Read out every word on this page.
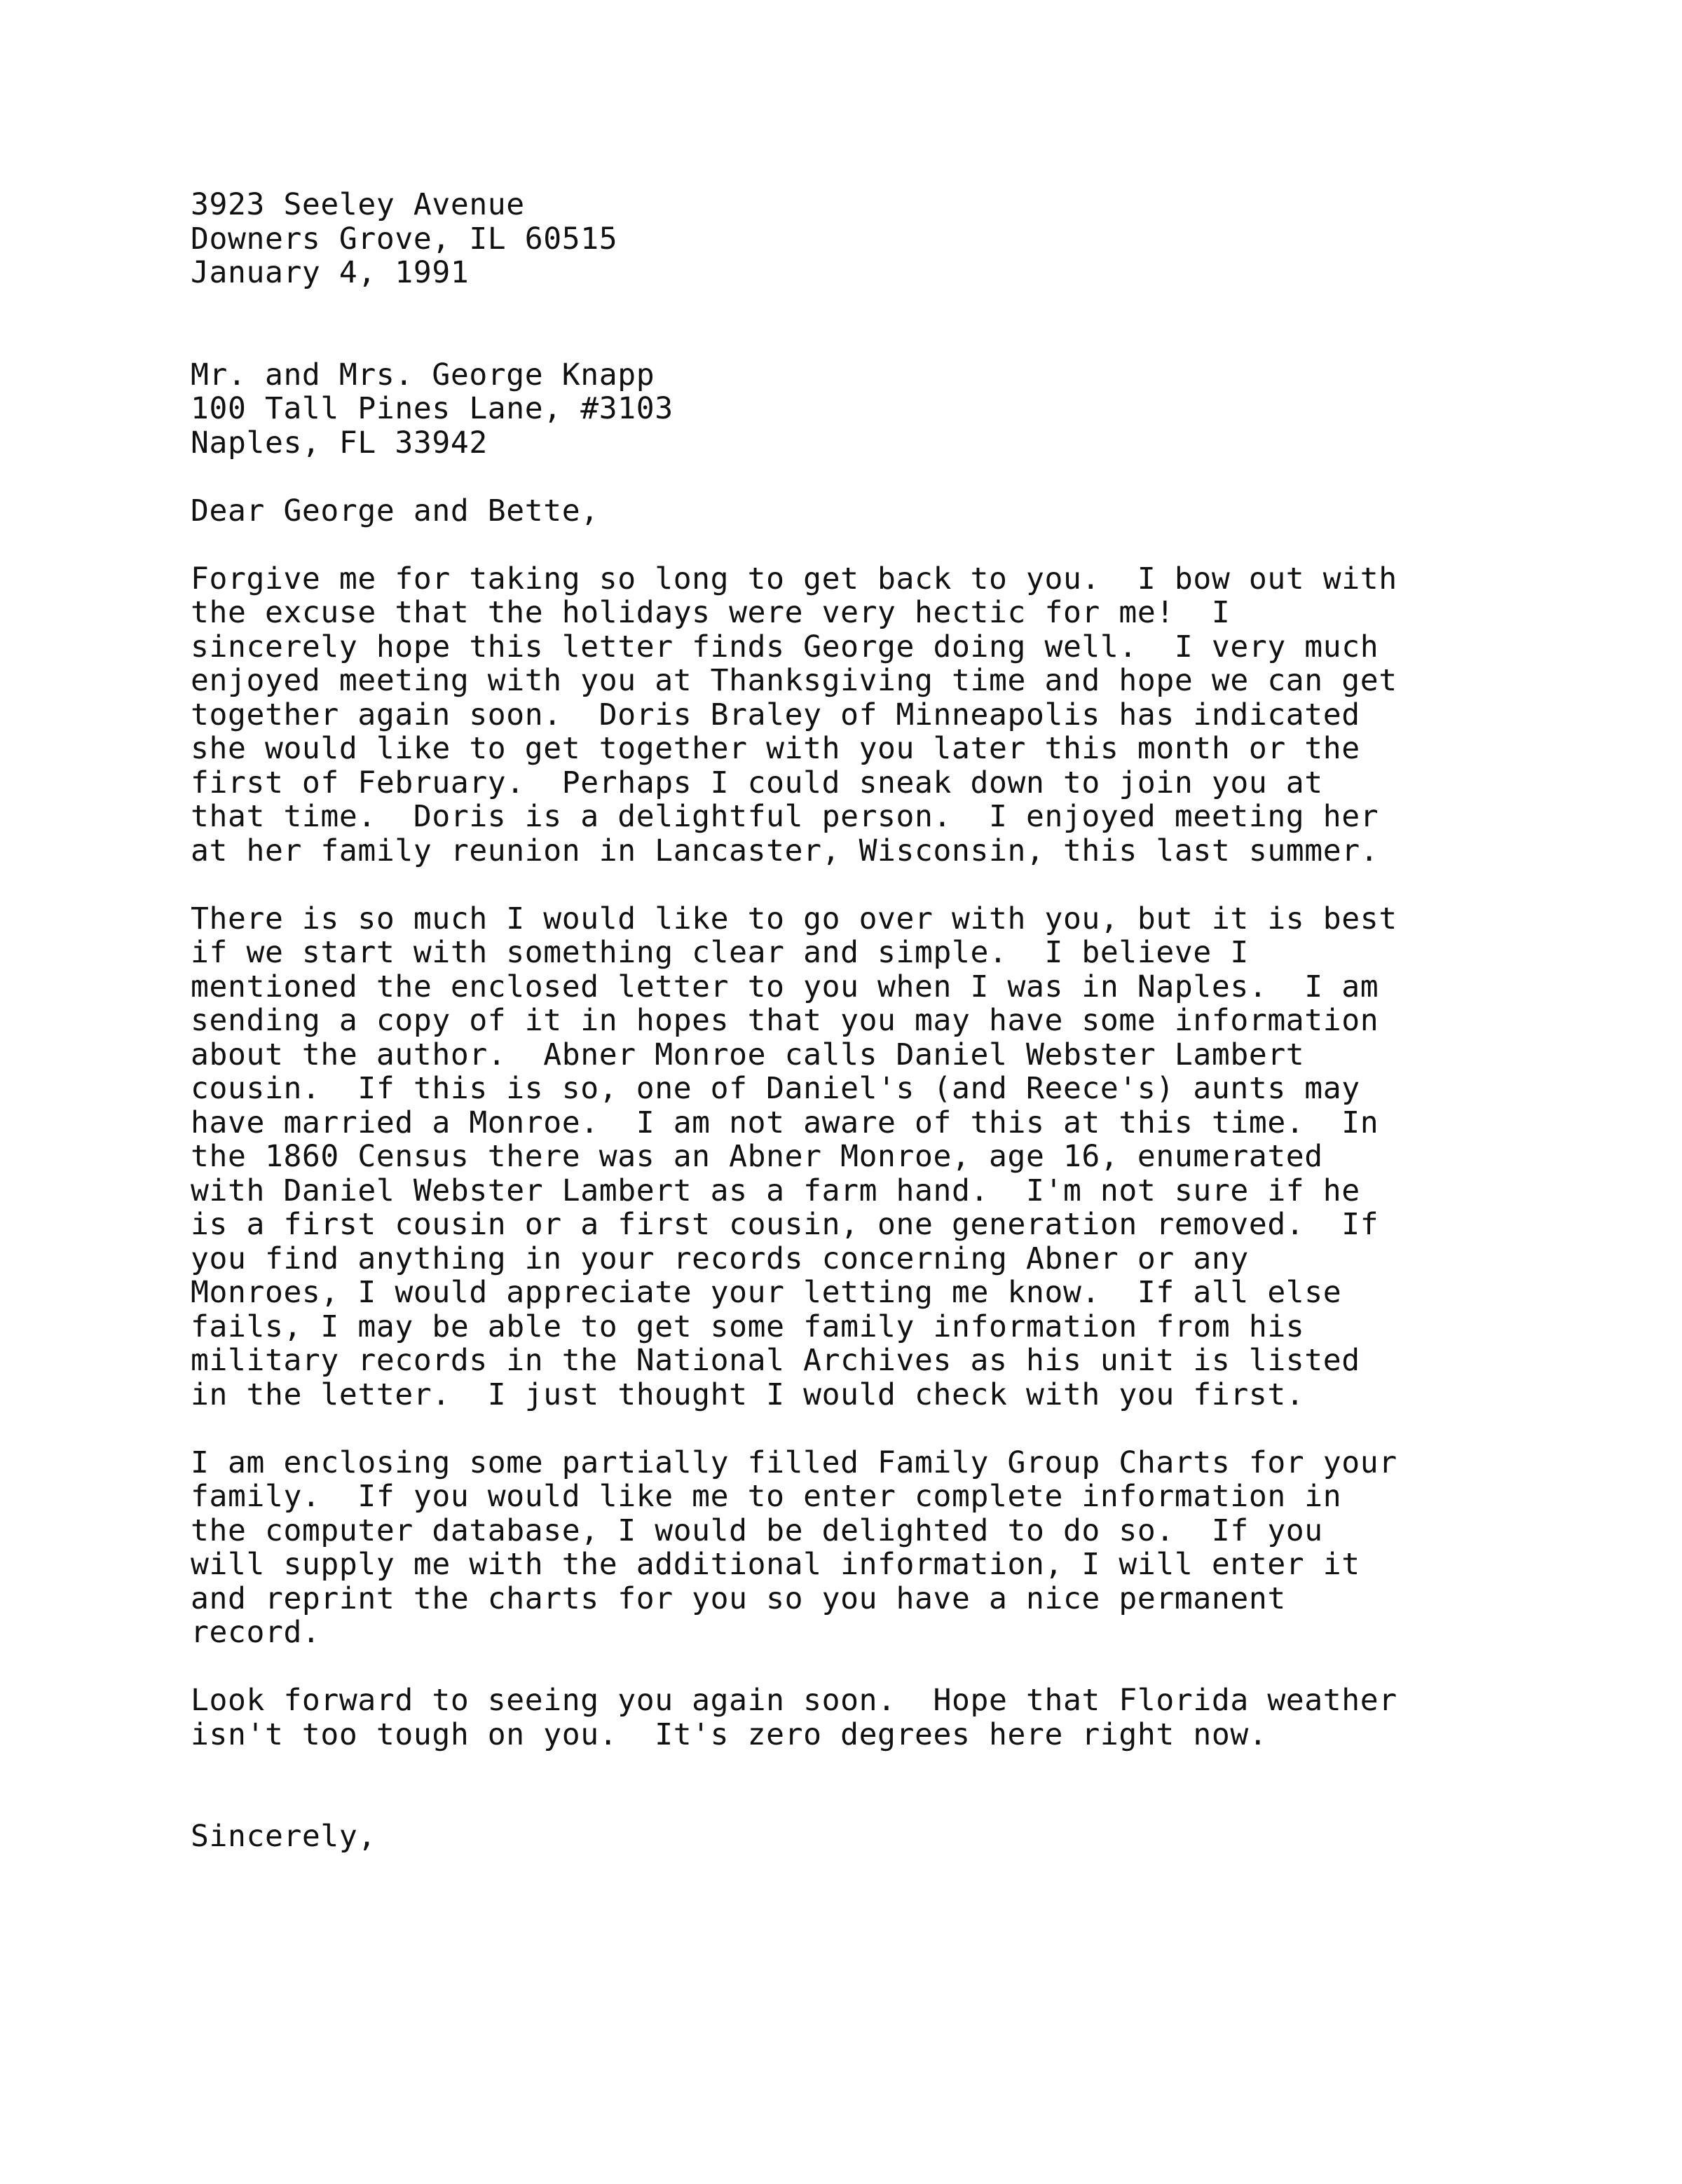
3923 Seeley Avenue
Downers Grove, IL 60515
January 4, 1991
Mr. and Mrs. George Knapp
100 Tall Pines Lane, #3103
Naples, FL 33942
Dear George and Bette,
Forgive me for taking so long to get back to you.  I bow out with
the excuse that the holidays were very hectic for me!  I
sincerely hope this letter finds George doing well.  I very much
enjoyed meeting with you at Thanksgiving time and hope we can get
together again soon.  Doris Braley of Minneapolis has indicated
she would like to get together with you later this month or the
first of February.  Perhaps I could sneak down to join you at
that time.  Doris is a delightful person.  I enjoyed meeting her
at her family reunion in Lancaster, Wisconsin, this last summer.
There is so much I would like to go over with you, but it is best
if we start with something clear and simple.  I believe I
mentioned the enclosed letter to you when I was in Naples.  I am
sending a copy of it in hopes that you may have some information
about the author.  Abner Monroe calls Daniel Webster Lambert
cousin.  If this is so, one of Daniel's (and Reece's) aunts may
have married a Monroe.  I am not aware of this at this time.  In
the 1860 Census there was an Abner Monroe, age 16, enumerated
with Daniel Webster Lambert as a farm hand.  I'm not sure if he
is a first cousin or a first cousin, one generation removed.  If
you find anything in your records concerning Abner or any
Monroes, I would appreciate your letting me know.  If all else
fails, I may be able to get some family information from his
military records in the National Archives as his unit is listed
in the letter.  I just thought I would check with you first.
I am enclosing some partially filled Family Group Charts for your
family.  If you would like me to enter complete information in
the computer database, I would be delighted to do so.  If you
will supply me with the additional information, I will enter it
and reprint the charts for you so you have a nice permanent
record.
Look forward to seeing you again soon.  Hope that Florida weather
isn't too tough on you.  It's zero degrees here right now.
Sincerely,
